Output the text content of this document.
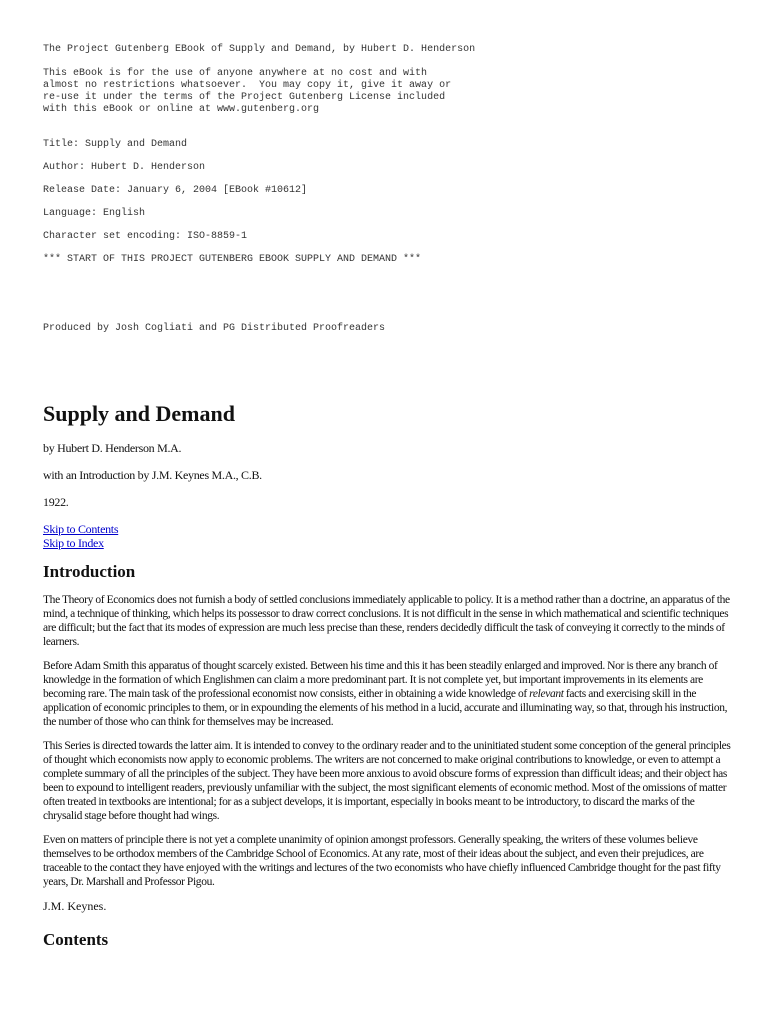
The Project Gutenberg EBook of Supply and Demand, by Hubert D. Henderson

This eBook is for the use of anyone anywhere at no cost and with

almost no restrictions whatsoever.  You may copy it, give it away or

re-use it under the terms of the Project Gutenberg License included

with this eBook or online at www.gutenberg.org

Title: Supply and Demand

Author: Hubert D. Henderson

Release Date: January 6, 2004 [EBook #10612]

Language: English

Character set encoding: ISO-8859-1

*** START OF THIS PROJECT GUTENBERG EBOOK SUPPLY AND DEMAND ***

Produced by Josh Cogliati and PG Distributed Proofreaders

Supply and Demand

by Hubert D. Henderson M.A.

with an Introduction by J.M. Keynes M.A., C.B.

1922.

Skip to Contents
Skip to Index
Introduction

The Theory of Economics does not furnish a body of settled conclusions immediately applicable to policy. It is a method rather than a doctrine, an apparatus of the mind, a technique of thinking, which helps its possessor to draw correct conclusions. It is not difficult in the sense in which mathematical and scientific techniques are difficult; but the fact that its modes of expression are much less precise than these, renders decidedly difficult the task of conveying it correctly to the minds of learners.

Before Adam Smith this apparatus of thought scarcely existed. Between his time and this it has been steadily enlarged and improved. Nor is there any branch of knowledge in the formation of which Englishmen can claim a more predominant part. It is not complete yet, but important improvements in its elements are becoming rare. The main task of the professional economist now consists, either in obtaining a wide knowledge of relevant facts and exercising skill in the application of economic principles to them, or in expounding the elements of his method in a lucid, accurate and illuminating way, so that, through his instruction, the number of those who can think for themselves may be increased.

This Series is directed towards the latter aim. It is intended to convey to the ordinary reader and to the uninitiated student some conception of the general principles of thought which economists now apply to economic problems. The writers are not concerned to make original contributions to knowledge, or even to attempt a complete summary of all the principles of the subject. They have been more anxious to avoid obscure forms of expression than difficult ideas; and their object has been to expound to intelligent readers, previously unfamiliar with the subject, the most significant elements of economic method. Most of the omissions of matter often treated in textbooks are intentional; for as a subject develops, it is important, especially in books meant to be introductory, to discard the marks of the chrysalid stage before thought had wings.

Even on matters of principle there is not yet a complete unanimity of opinion amongst professors. Generally speaking, the writers of these volumes believe themselves to be orthodox members of the Cambridge School of Economics. At any rate, most of their ideas about the subject, and even their prejudices, are traceable to the contact they have enjoyed with the writings and lectures of the two economists who have chiefly influenced Cambridge thought for the past fifty years, Dr. Marshall and Professor Pigou.

J.M. Keynes.

Contents
